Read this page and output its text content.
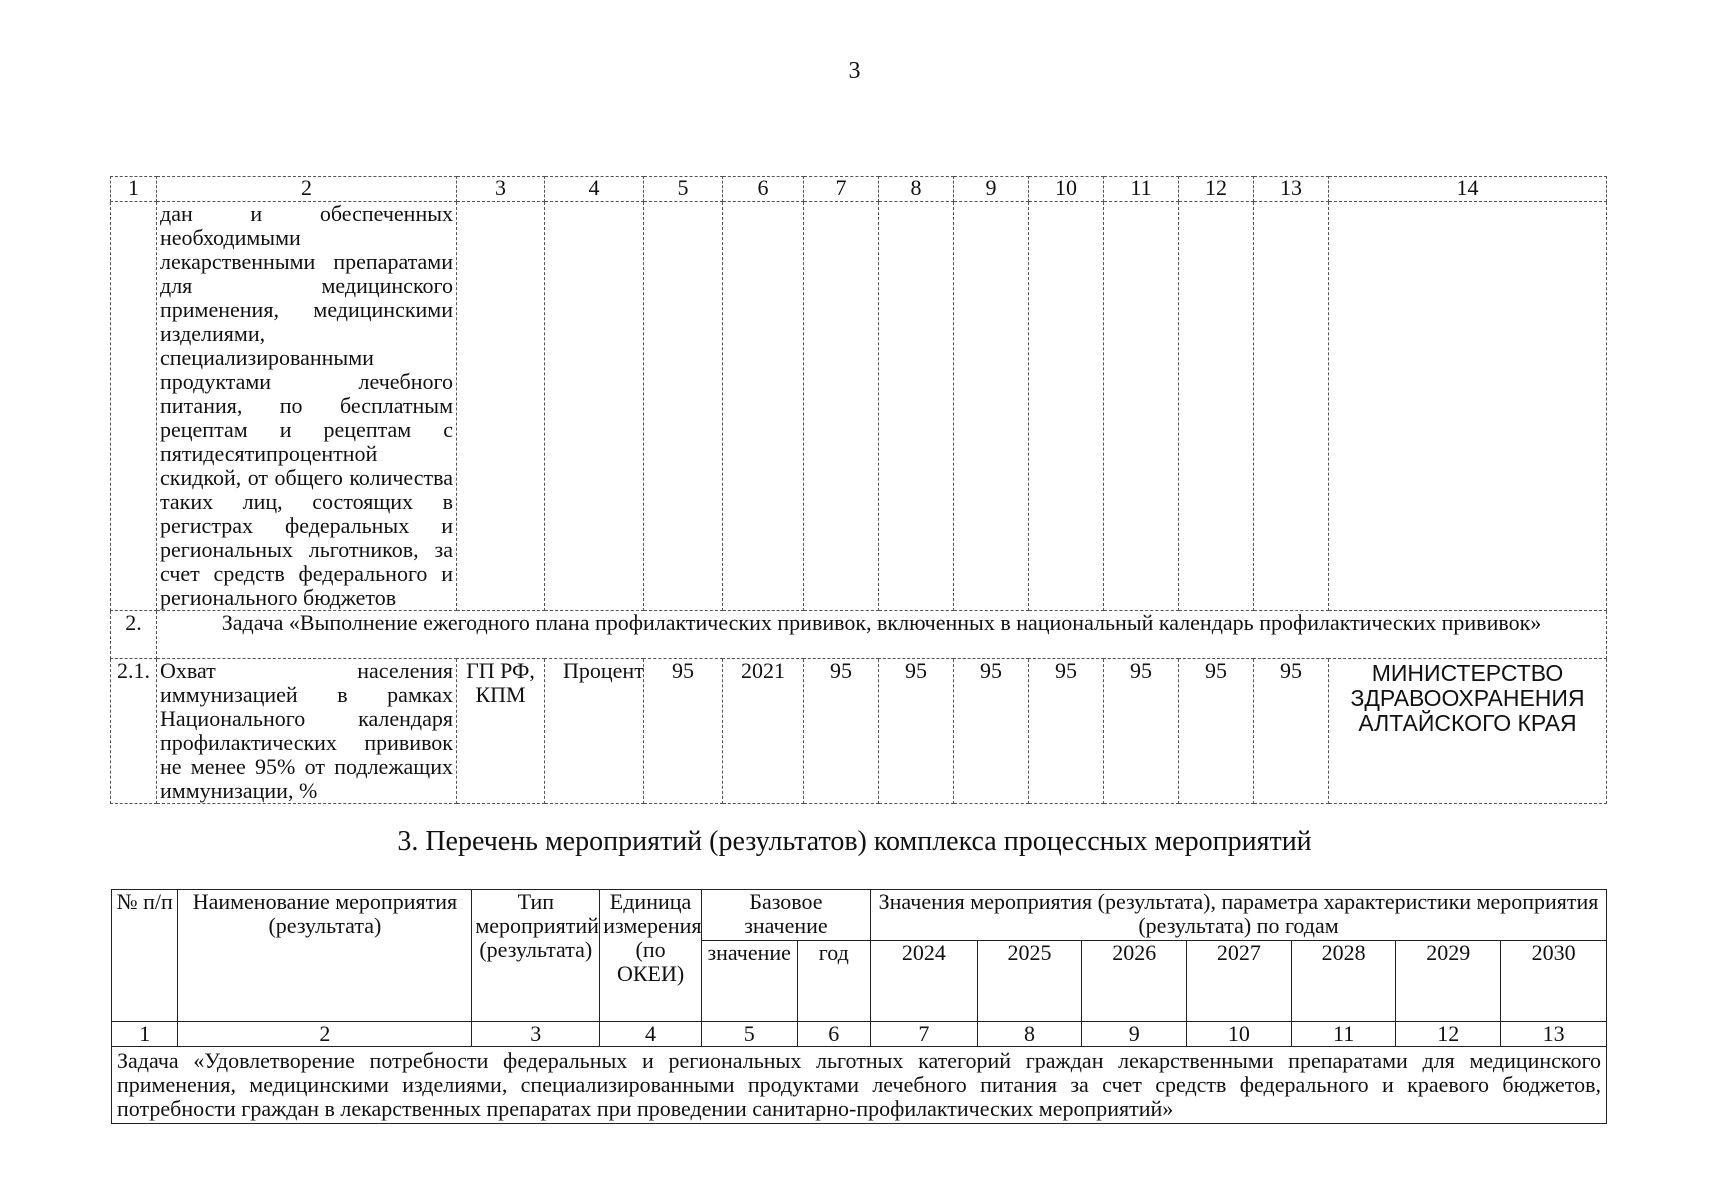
3
1	2	3	4	5	6	7	8	9	10	11	12	13	14
	дан и обеспеченных необходимыми лекарственными препаратами для медицинского применения, медицинскими изделиями, специализированными продуктами лечебного питания, по бесплатным рецептам и рецептам с пятидесятипроцентной скидкой, от общего количества таких лиц, состоящих в регистрах федеральных и региональных льготников, за счет средств федерального и регионального бюджетов												
2.	Задача «Выполнение ежегодного плана профилактических прививок, включенных в национальный календарь профилактических прививок»												
2.1.	Охват населения иммунизацией в рамках Национального календаря профилактических прививок не менее 95% от подлежащих иммунизации, %	ГП РФ, КПМ	Процент	95	2021	95	95	95	95	95	95	95	МИНИСТЕРСТВО ЗДРАВООХРАНЕНИЯ АЛТАЙСКОГО КРАЯ
3. Перечень мероприятий (результатов) комплекса процессных мероприятий
№ п/п	Наименование мероприятия (результата)	Тип мероприятий (результата)	Единица измерения (по ОКЕИ)	Базовое значение		Значения мероприятия (результата), параметра характеристики мероприятия (результата) по годам						
				значение	год	2024	2025	2026	2027	2028	2029	2030
1	2	3	4	5	6	7	8	9	10	11	12	13
Задача «Удовлетворение потребности федеральных и региональных льготных категорий граждан лекарственными препаратами для медицинского применения, медицинскими изделиями, специализированными продуктами лечебного питания за счет средств федерального и краевого бюджетов, потребности граждан в лекарственных препаратах при проведении санитарно-профилактических мероприятий»												
